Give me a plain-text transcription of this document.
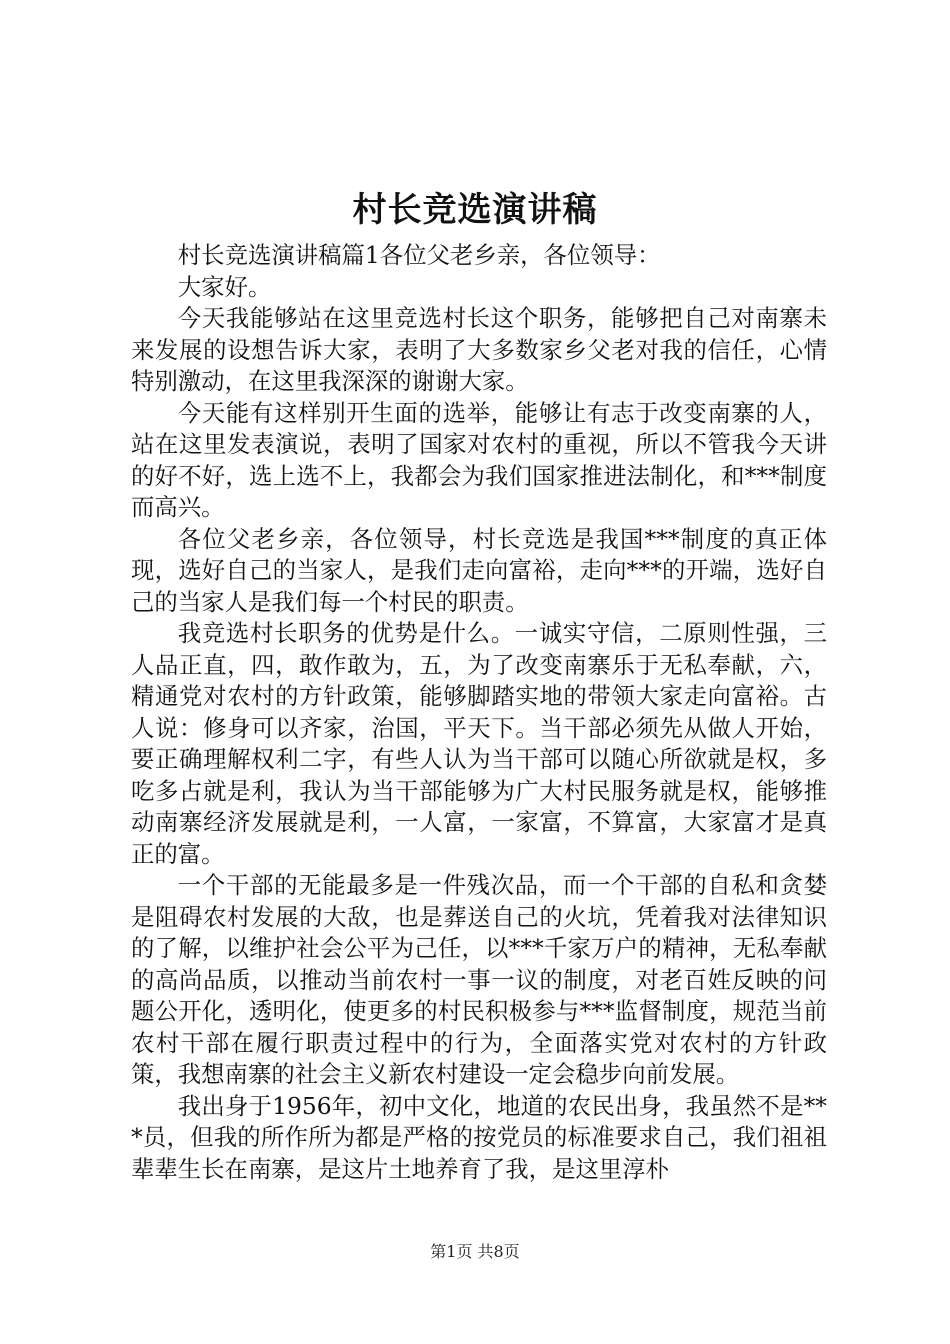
村长竞选演讲稿

村长竞选演讲稿篇1各位父老乡亲，各位领导：

大家好。

今天我能够站在这里竞选村长这个职务，能够把自己对南寨未来发展的设想告诉大家，表明了大多数家乡父老对我的信任，心情特别激动，在这里我深深的谢谢大家。

今天能有这样别开生面的选举，能够让有志于改变南寨的人，站在这里发表演说，表明了国家对农村的重视，所以不管我今天讲的好不好，选上选不上，我都会为我们国家推进法制化，和***制度而高兴。

各位父老乡亲，各位领导，村长竞选是我国***制度的真正体现，选好自己的当家人，是我们走向富裕，走向***的开端，选好自己的当家人是我们每一个村民的职责。

我竞选村长职务的优势是什么。一诚实守信，二原则性强，三人品正直，四，敢作敢为，五，为了改变南寨乐于无私奉献，六，精通党对农村的方针政策，能够脚踏实地的带领大家走向富裕。古人说：修身可以齐家，治国，平天下。当干部必须先从做人开始，要正确理解权利二字，有些人认为当干部可以随心所欲就是权，多吃多占就是利，我认为当干部能够为广大村民服务就是权，能够推动南寨经济发展就是利，一人富，一家富，不算富，大家富才是真正的富。

一个干部的无能最多是一件残次品，而一个干部的自私和贪婪是阻碍农村发展的大敌，也是葬送自己的火坑，凭着我对法律知识的了解，以维护社会公平为己任，以***千家万户的精神，无私奉献的高尚品质，以推动当前农村一事一议的制度，对老百姓反映的问题公开化，透明化，使更多的村民积极参与***监督制度，规范当前农村干部在履行职责过程中的行为，全面落实党对农村的方针政策，我想南寨的社会主义新农村建设一定会稳步向前发展。

我出身于1956年，初中文化，地道的农民出身，我虽然不是***员，但我的所作所为都是严格的按党员的标准要求自己，我们祖祖辈辈生长在南寨，是这片土地养育了我，是这里淳朴

第1页 共8页
